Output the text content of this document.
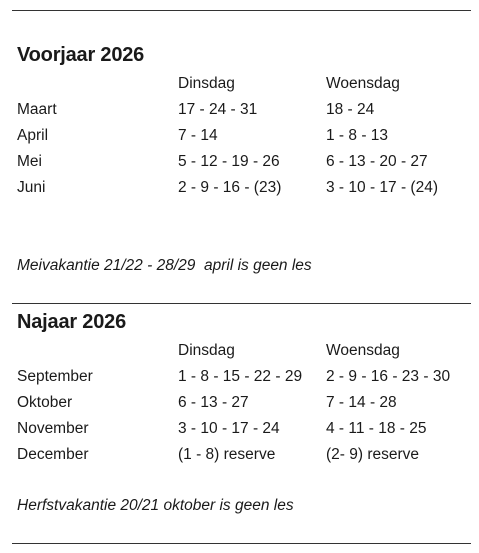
Voorjaar 2026
	Dinsdag	Woensdag
Maart	17 - 24 - 31	18 - 24
April	7 - 14	1 - 8 - 13
Mei	5 - 12 - 19 - 26	6 - 13 - 20 - 27
Juni	2 - 9 - 16 - (23)	3 - 10 - 17 - (24)
Meivakantie 21/22 - 28/29  april is geen les
Najaar 2026
	Dinsdag	Woensdag
September	1 - 8 - 15 - 22 - 29	2 - 9 - 16 - 23 - 30
Oktober	6 - 13 - 27	7 - 14 - 28
November	3 - 10 - 17 - 24	4 - 11 - 18 - 25
December	(1 - 8) reserve	(2- 9) reserve
Herfstvakantie 20/21 oktober is geen les
